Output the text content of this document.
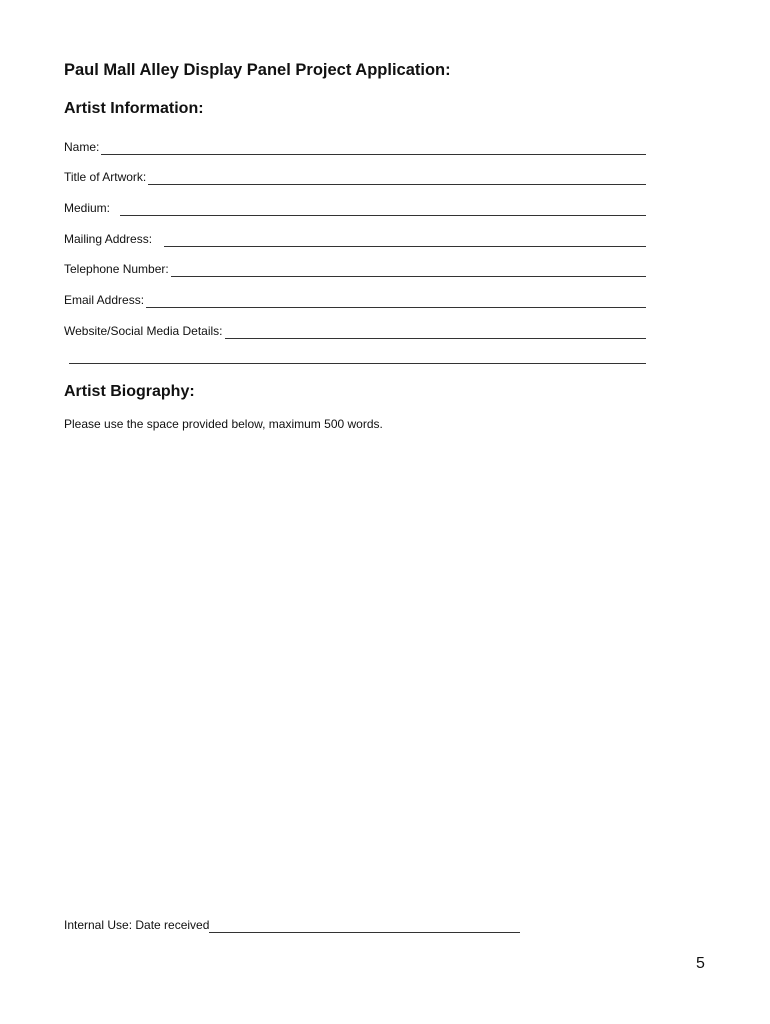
Paul Mall Alley Display Panel Project Application:
Artist Information:
Name:
Title of Artwork:
Medium:
Mailing Address:
Telephone Number:
Email Address:
Website/Social Media Details:
Artist Biography:

Please use the space provided below, maximum 500 words.

Internal Use: Date received

5
